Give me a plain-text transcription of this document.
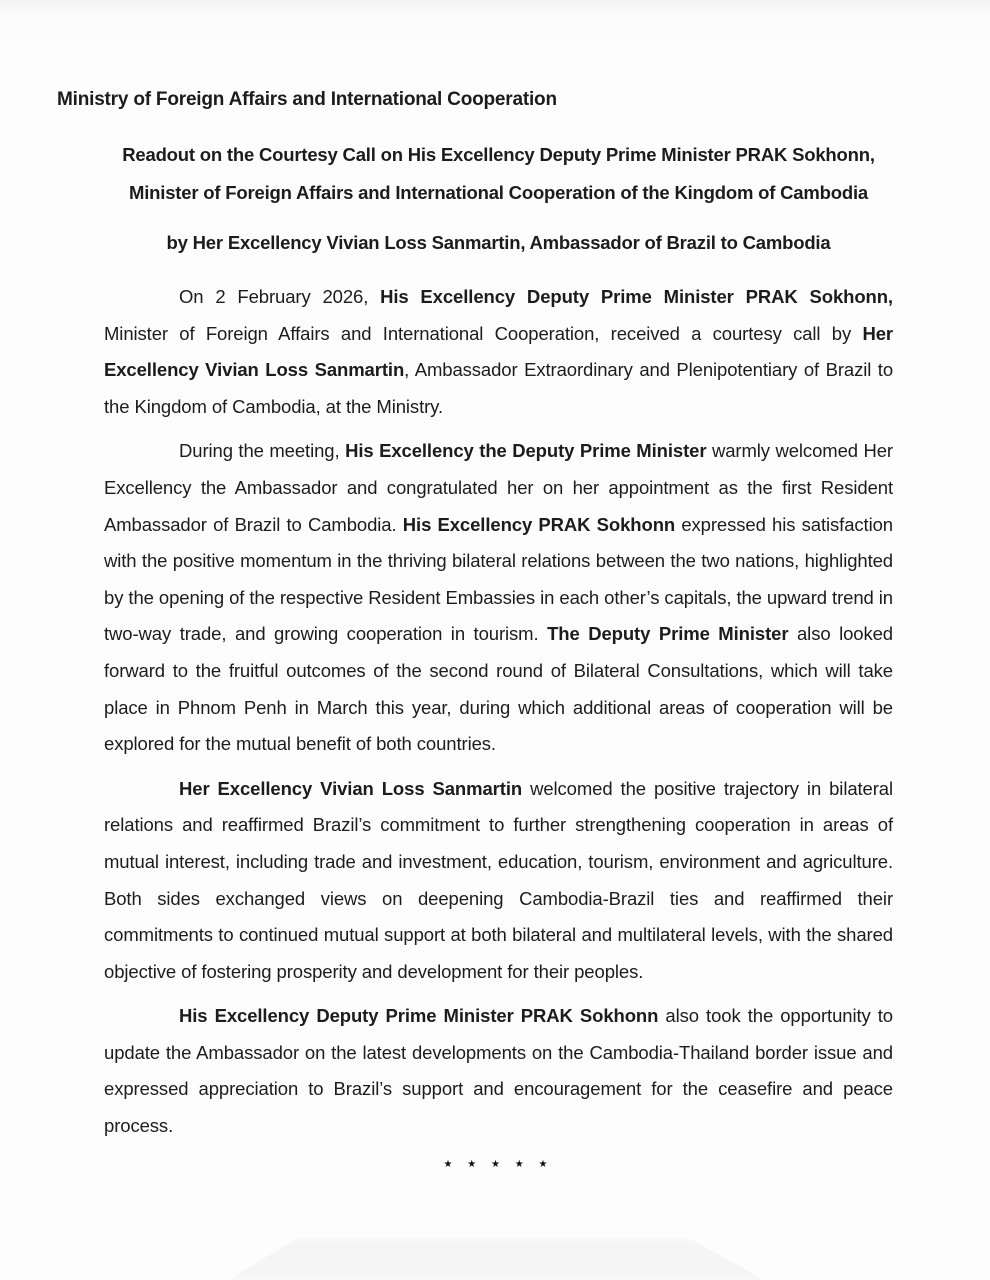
Ministry of Foreign Affairs and International Cooperation
Readout on the Courtesy Call on His Excellency Deputy Prime Minister PRAK Sokhonn,
Minister of Foreign Affairs and International Cooperation of the Kingdom of Cambodia
by Her Excellency Vivian Loss Sanmartin, Ambassador of Brazil to Cambodia

On 2 February 2026, His Excellency Deputy Prime Minister PRAK Sokhonn, Minister of Foreign Affairs and International Cooperation, received a courtesy call by Her Excellency Vivian Loss Sanmartin, Ambassador Extraordinary and Plenipotentiary of Brazil to the Kingdom of Cambodia, at the Ministry.

During the meeting, His Excellency the Deputy Prime Minister warmly welcomed Her Excellency the Ambassador and congratulated her on her appointment as the first Resident Ambassador of Brazil to Cambodia. His Excellency PRAK Sokhonn expressed his satisfaction with the positive momentum in the thriving bilateral relations between the two nations, highlighted by the opening of the respective Resident Embassies in each other’s capitals, the upward trend in two-way trade, and growing cooperation in tourism. The Deputy Prime Minister also looked forward to the fruitful outcomes of the second round of Bilateral Consultations, which will take place in Phnom Penh in March this year, during which additional areas of cooperation will be explored for the mutual benefit of both countries.

Her Excellency Vivian Loss Sanmartin welcomed the positive trajectory in bilateral relations and reaffirmed Brazil’s commitment to further strengthening cooperation in areas of mutual interest, including trade and investment, education, tourism, environment and agriculture. Both sides exchanged views on deepening Cambodia-Brazil ties and reaffirmed their commitments to continued mutual support at both bilateral and multilateral levels, with the shared objective of fostering prosperity and development for their peoples.

His Excellency Deputy Prime Minister PRAK Sokhonn also took the opportunity to update the Ambassador on the latest developments on the Cambodia-Thailand border issue and expressed appreciation to Brazil’s support and encouragement for the ceasefire and peace process.

★ ★ ★ ★ ★
